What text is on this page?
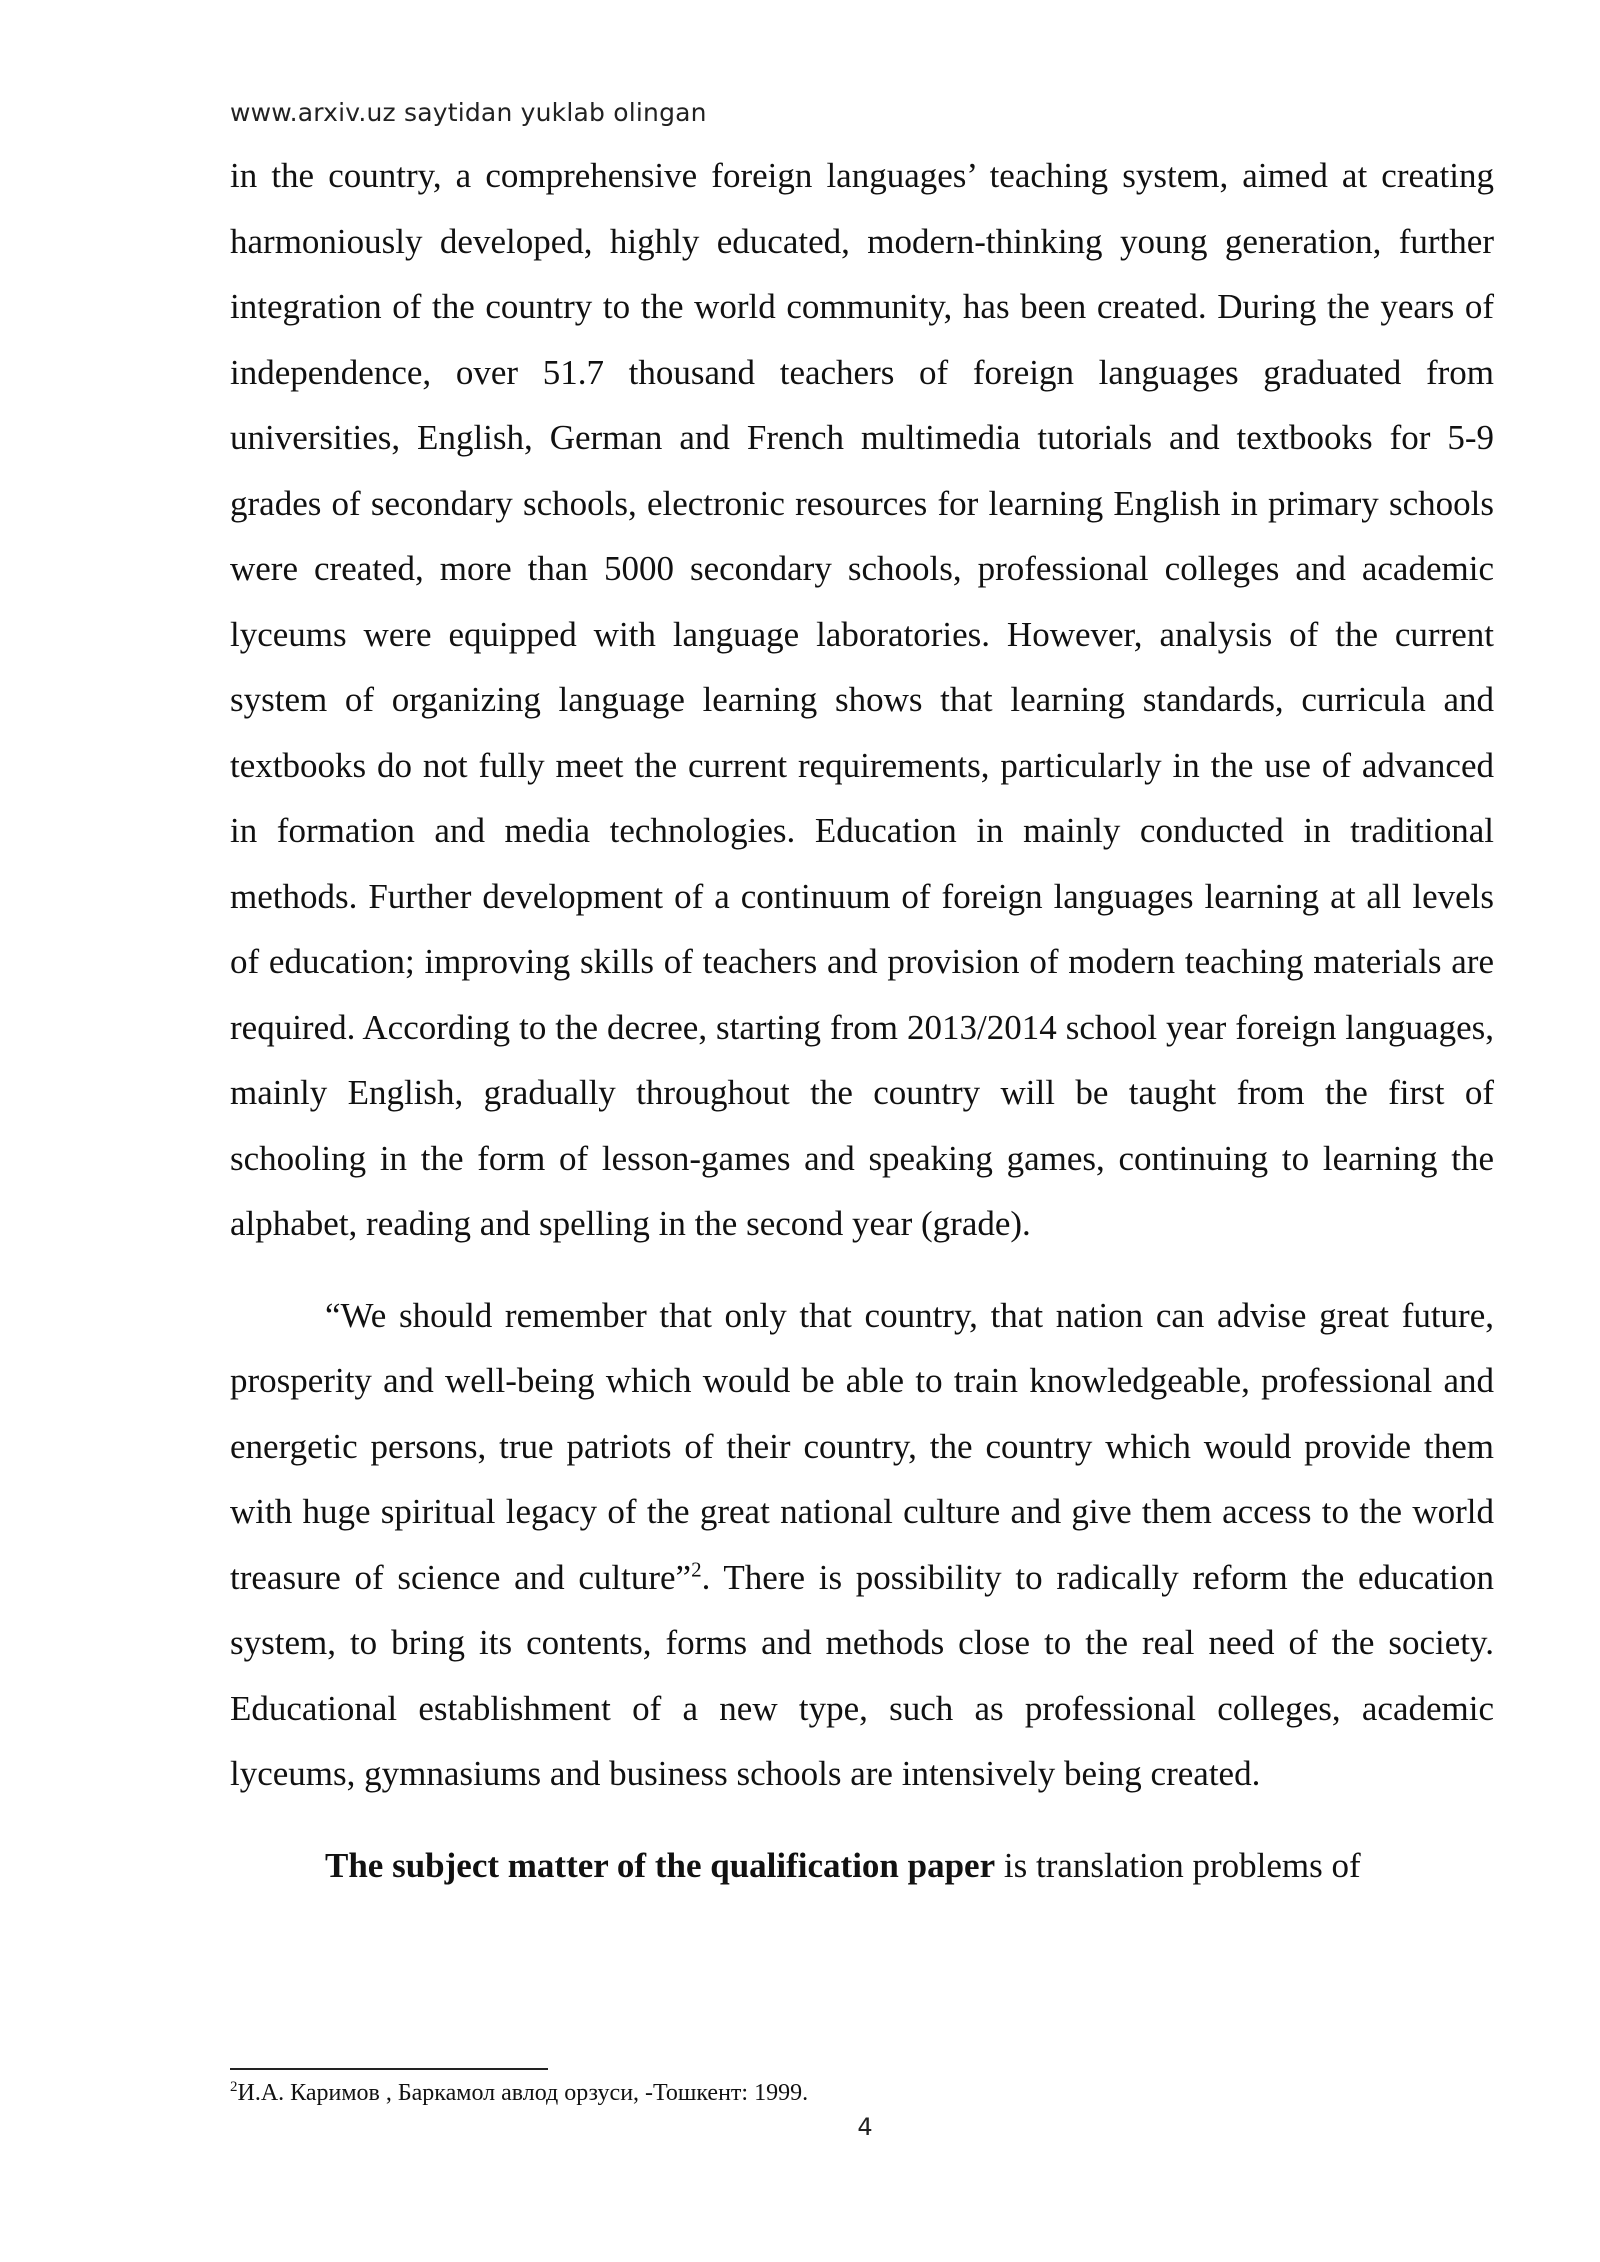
www.arxiv.uz saytidan yuklab olingan

in the country, a comprehensive foreign languages’ teaching system, aimed at creating harmoniously developed, highly educated, modern-thinking young generation, further integration of the country to the world community, has been created. During the years of independence, over 51.7 thousand teachers of foreign languages graduated from universities, English, German and French multimedia tutorials and textbooks for 5-9 grades of secondary schools, electronic resources for learning English in primary schools were created, more than 5000 secondary schools, professional colleges and academic lyceums were equipped with language laboratories. However, analysis of the current system of organizing language learning shows that learning standards, curricula and textbooks do not fully meet the current requirements, particularly in the use of advanced in formation and media technologies. Education in mainly conducted in traditional methods. Further development of a continuum of foreign languages learning at all levels of education; improving skills of teachers and provision of modern teaching materials are required. According to the decree, starting from 2013/2014 school year foreign languages, mainly English, gradually throughout the country will be taught from the first of schooling in the form of lesson-games and speaking games, continuing to learning the alphabet, reading and spelling in the second year (grade).

“We should remember that only that country, that nation can advise great future, prosperity and well-being which would be able to train knowledgeable, professional and energetic persons, true patriots of their country, the country which would provide them with huge spiritual legacy of the great national culture and give them access to the world treasure of science and culture”$^2$. There is possibility to radically reform the education system, to bring its contents, forms and methods close to the real need of the society. Educational establishment of a new type, such as professional colleges, academic lyceums, gymnasiums and business schools are intensively being created.

The subject matter of the qualification paper is translation problems of

$^2$И.А. Каримов , Баркамол авлод орзуси, -Тошкент: 1999.
4
